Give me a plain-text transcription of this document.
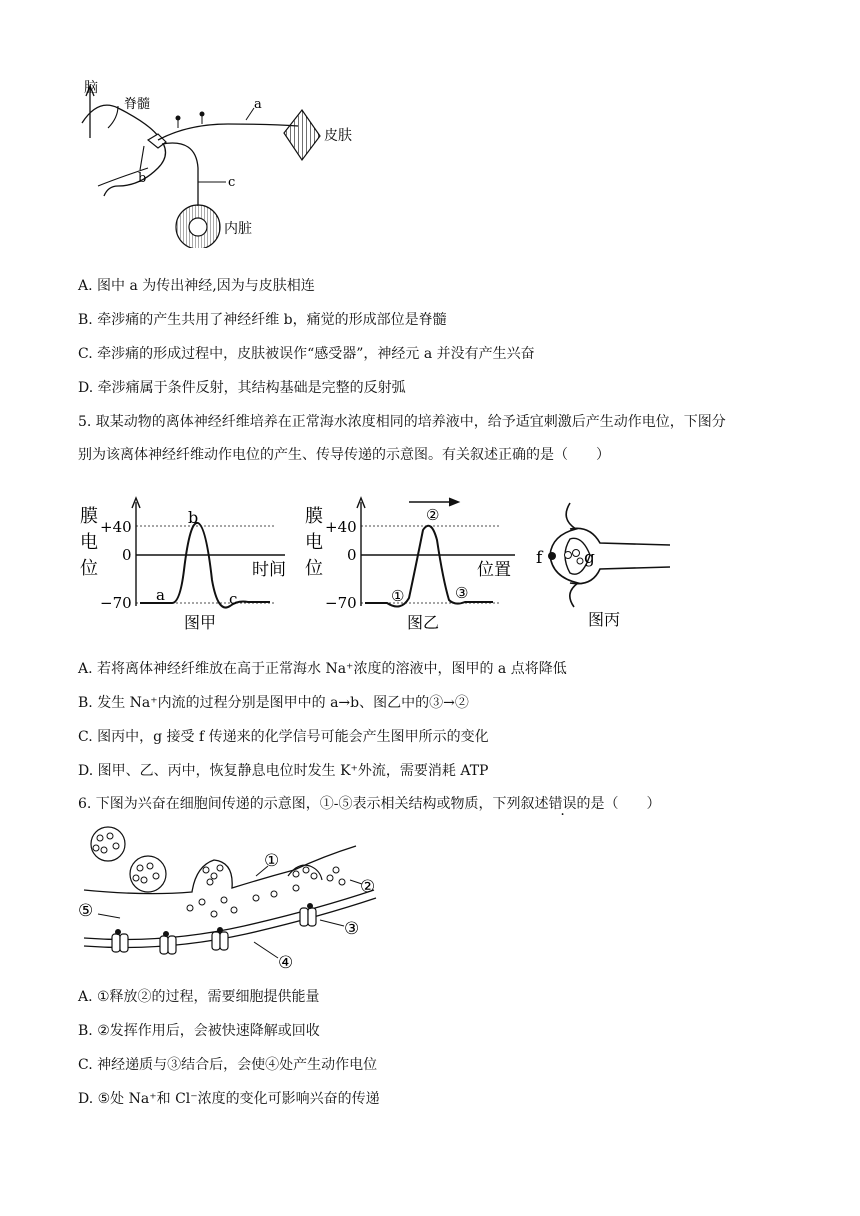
脑
脊髓	a
皮肤
b	c
内脏
A. 图中 a 为传出神经,因为与皮肤相连
B. 牵涉痛的产生共用了神经纤维 b，痛觉的形成部位是脊髓
C. 牵涉痛的形成过程中，皮肤被误作“感受器”，神经元 a 并没有产生兴奋
D. 牵涉痛属于条件反射，其结构基础是完整的反射弧
5. 取某动物的离体神经纤维培养在正常海水浓度相同的培养液中，给予适宜刺激后产生动作电位，下图分
别为该离体神经纤维动作电位的产生、传导传递的示意图。有关叙述正确的是（　　）
膜
电
位
+40
0
−70
时间
a
b
c
图甲
膜
电
位
+40
0
−70
位置
①
②
③
图乙
f g
图丙
A. 若将离体神经纤维放在高于正常海水 Na⁺浓度的溶液中，图甲的 a 点将降低
B. 发生 Na⁺内流的过程分别是图甲中的 a→b、图乙中的③→②
C. 图丙中，g 接受 f 传递来的化学信号可能会产生图甲所示的变化
D. 图甲、乙、丙中，恢复静息电位时发生 K⁺外流，需要消耗 ATP
6. 下图为兴奋在细胞间传递的示意图，①-⑤表示相关结构或物质，下列叙述错误的是（　　）
①
②
③
④
⑤
A. ①释放②的过程，需要细胞提供能量
B. ②发挥作用后，会被快速降解或回收
C. 神经递质与③结合后，会使④处产生动作电位
D. ⑤处 Na⁺和 Cl⁻浓度的变化可影响兴奋的传递
